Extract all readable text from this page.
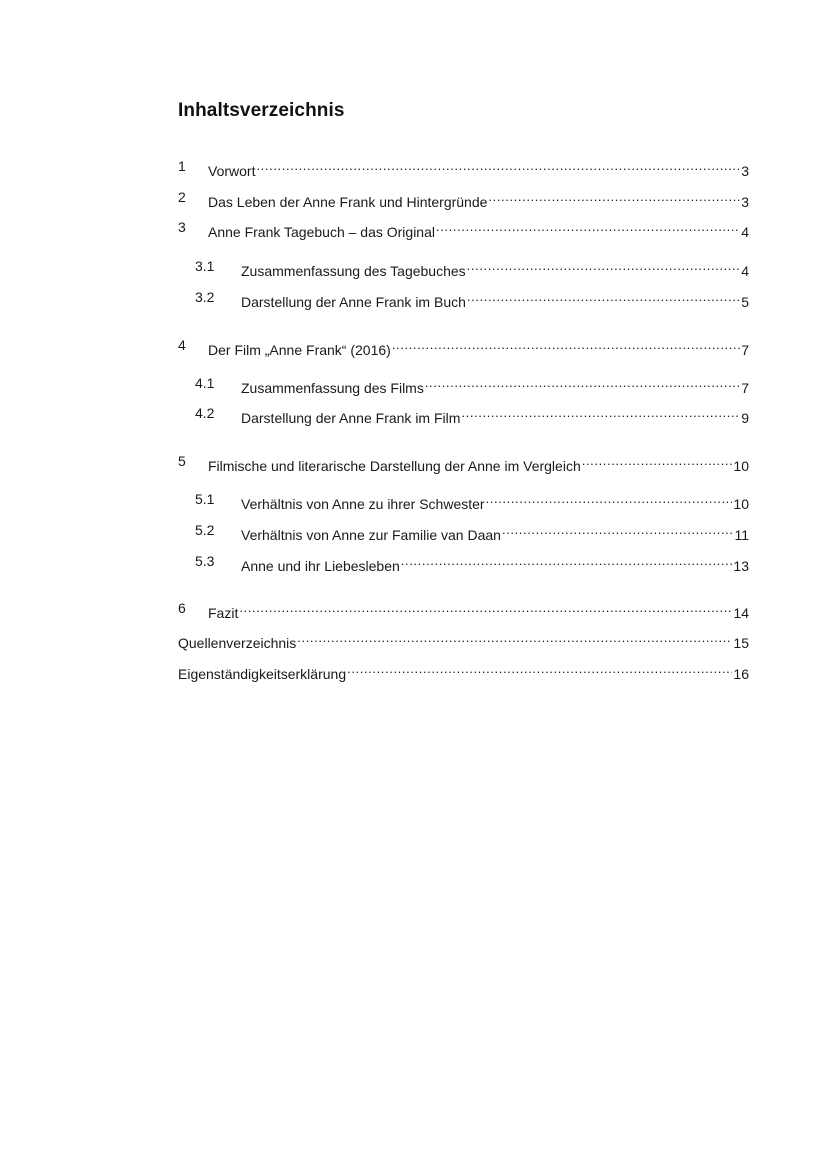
Inhaltsverzeichnis
1 Vorwort .....	3
2 Das Leben der Anne Frank und Hintergründe .....	3
3 Anne Frank Tagebuch – das Original .....	4
3.1 Zusammenfassung des Tagebuches .....	4
3.2 Darstellung der Anne Frank im Buch .....	5
4 Der Film „Anne Frank“ (2016) .....	7
4.1 Zusammenfassung des Films .....	7
4.2 Darstellung der Anne Frank im Film .....	9
5 Filmische und literarische Darstellung der Anne im Vergleich .....	10
5.1 Verhältnis von Anne zu ihrer Schwester .....	10
5.2 Verhältnis von Anne zur Familie van Daan .....	11
5.3 Anne und ihr Liebesleben .....	13
6 Fazit .....	14
Quellenverzeichnis .....	15
Eigenständigkeitserklärung .....	16
